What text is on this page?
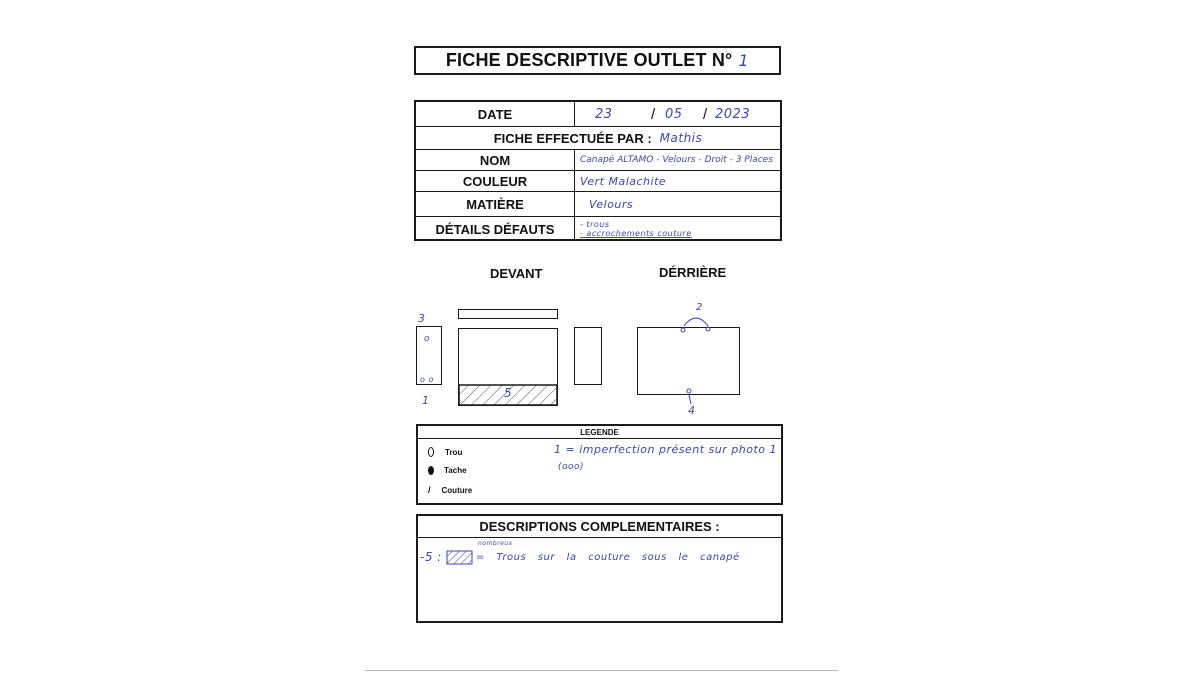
FICHE DESCRIPTIVE OUTLET N° 1
DATE	23	/ 05 / 2023
FICHE EFFECTUÉE PAR : Mathis
NOM	Canapé ALTAMO - Velours - Droit - 3 Places
COULEUR	Vert Malachite
MATIÈRE	Velours
DÉTAILS DÉFAUTS	- trous
- accrochements couture
DEVANT	DÉRRIÈRE
3
o
o o
1
5
2
4
LEGENDE
Trou
Tache
/ Couture
1 = imperfection présent sur photo 1
(ooo)
DESCRIPTIONS COMPLEMENTAIRES :
-5 :
nombreux
= Trous sur la couture sous le canapé
